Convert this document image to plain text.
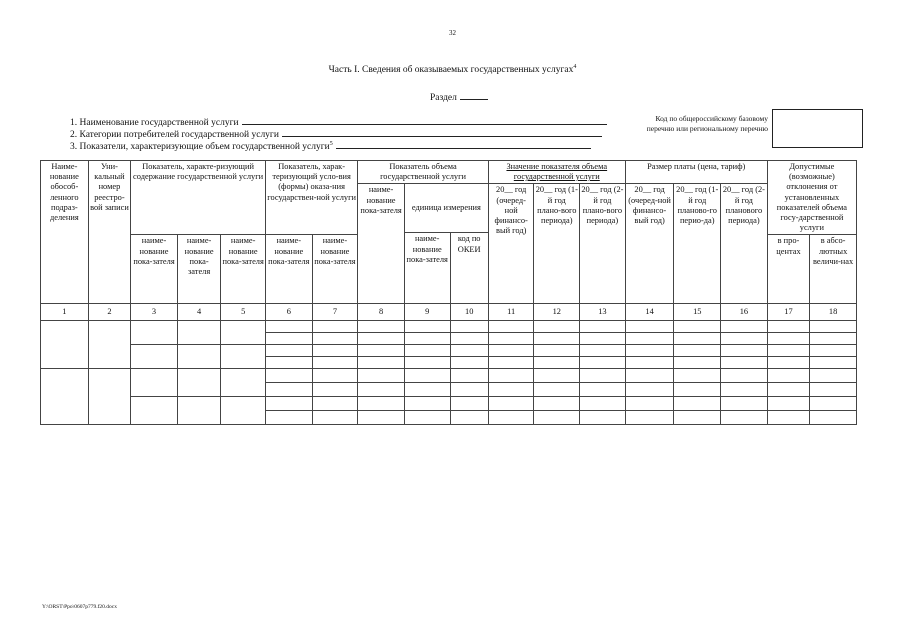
32
Часть I. Сведения об оказываемых государственных услугах$^4$
Раздел
1. Наименование государственной услуги
2. Категории потребителей государственной услуги
3. Показатели, характеризующие объем государственной услуги$^5$
Код по общероссийскому базовому перечню или региональному перечню
Наиме-нование обособ-ленного подраз-деления	Уни-кальный номер реестро-вой записи	Показатель, характе-ризующий содержание государственной услуги			Показатель, харак-теризующий усло-вия (формы) оказа-ния государствен-ной услуги		Показатель объема государственной услуги			Значение показателя объема государственной услуги			Размер платы (цена, тариф)			Допустимые (возможные) отклонения от установленных показателей объема госу-дарственной услуги	
							наиме-нование пока-зателя	единица измерения		20__ год (очеред-ной финансо-вый год)	20__ год (1-й год плано-вого периода)	20__ год (2-й год плано-вого периода)	20__ год (очеред-ной финансо-вый год)	20__ год (1-й год планово-го перио-да)	20__ год (2-й год планового периода)		
								наиме-нование пока-зателя	код по ОКЕИ								
		наиме-нование пока-зателя	наиме-нование пока-зателя	наиме-нование пока-зателя	наиме-нование пока-зателя	наиме-нование пока-зателя										в про-центах	в абсо-лютных величи-нах
1	2	3	4	5	6	7	8	9	10	11	12	13	14	15	16	17	18

Y:\ORST\Ppo\0607p779.f20.docx
